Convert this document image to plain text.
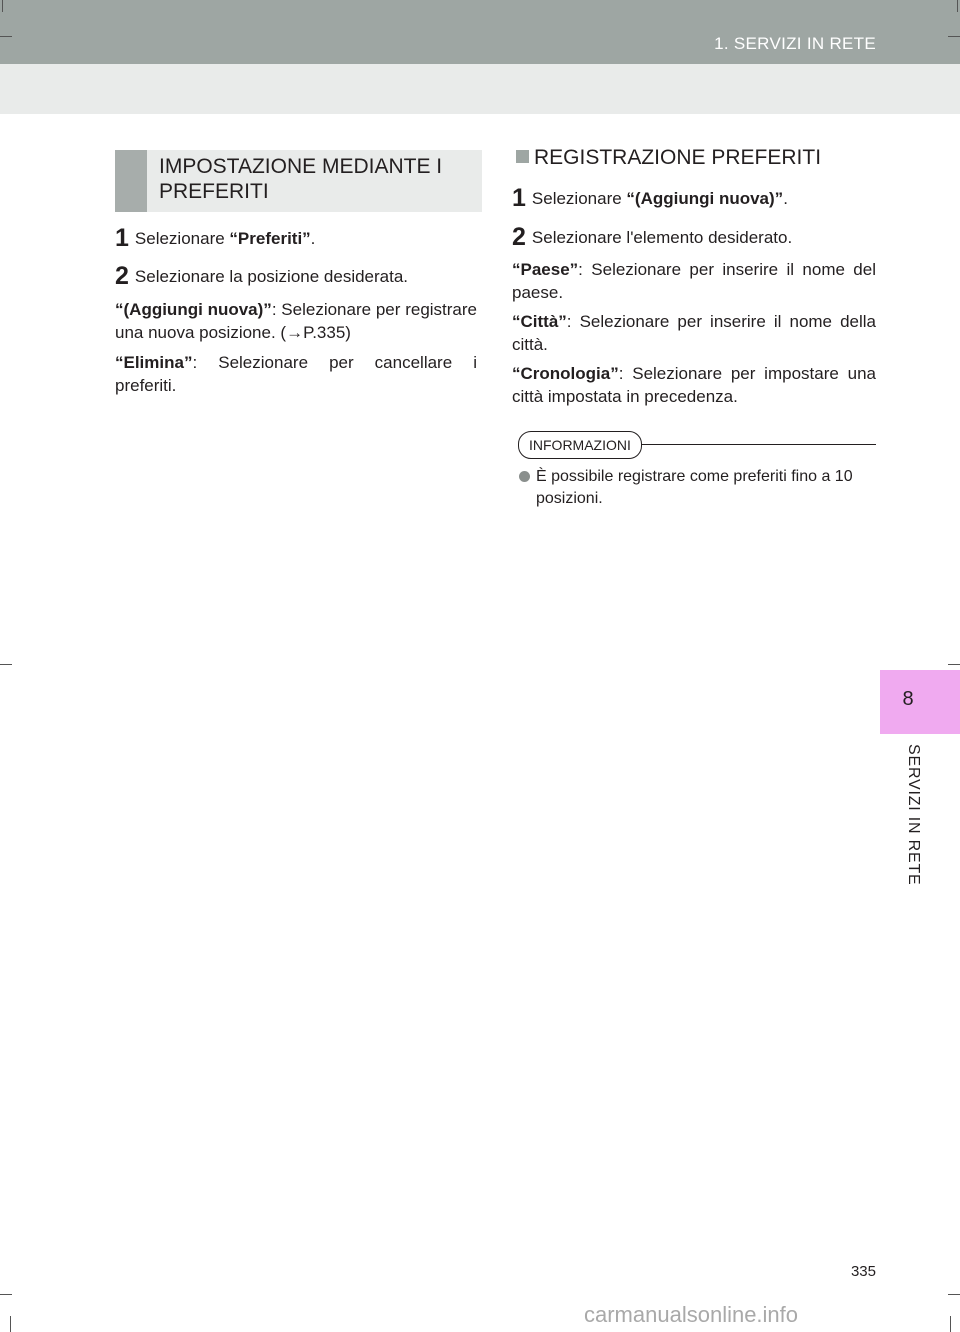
1. SERVIZI IN RETE
8
SERVIZI IN RETE
IMPOSTAZIONE MEDIANTE I PREFERITI
1 Selezionare “Preferiti”.
2 Selezionare la posizione desiderata.
“(Aggiungi nuova)”: Selezionare per registrare una nuova posizione. (→P.335)
“Elimina”: Selezionare per cancellare i preferiti.
REGISTRAZIONE PREFERITI
1 Selezionare “(Aggiungi nuova)”.
2 Selezionare l'elemento desiderato.
“Paese”: Selezionare per inserire il nome del paese.
“Città”: Selezionare per inserire il nome della città.
“Cronologia”: Selezionare per impostare una città impostata in precedenza.
INFORMAZIONI
È possibile registrare come preferiti fino a 10 posizioni.
335
carmanualsonline.info
